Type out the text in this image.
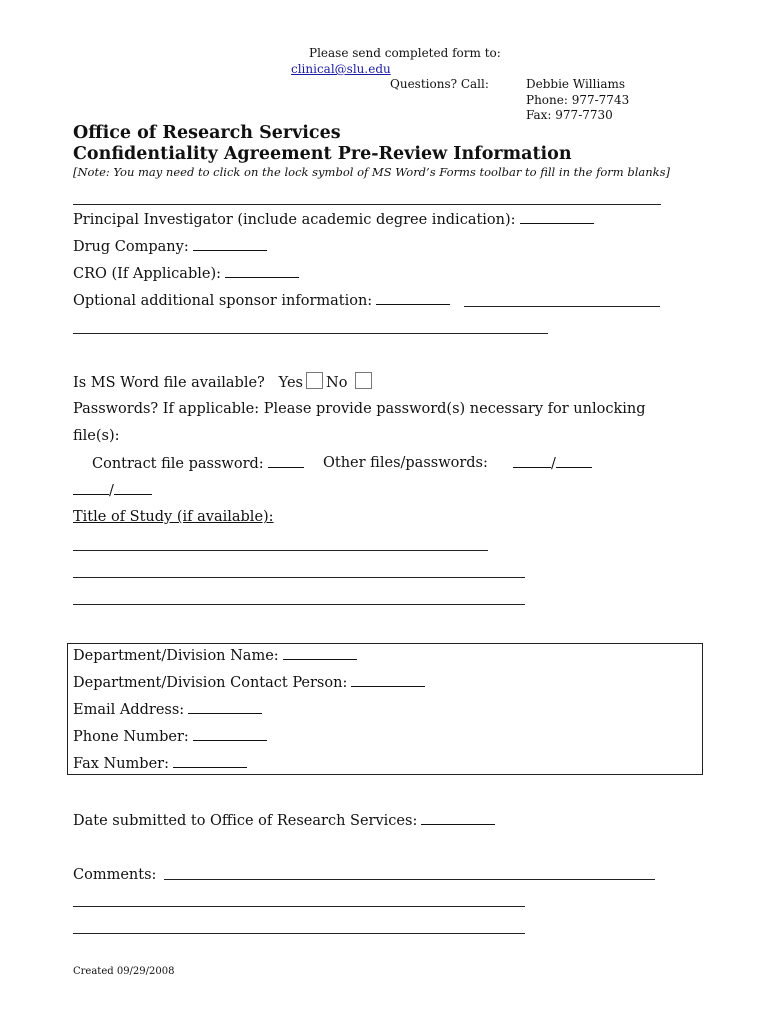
Please send completed form to:
clinical@slu.edu
Questions? Call:	Debbie Williams
Phone: 977-7743
Fax: 977-7730
Office of Research Services
Confidentiality Agreement Pre-Review Information
[Note: You may need to click on the lock symbol of MS Word’s Forms toolbar to fill in the form blanks]
Principal Investigator (include academic degree indication):
Drug Company:
CRO (If Applicable):
Optional additional sponsor information:
Is MS Word file available? Yes No
Passwords? If applicable: Please provide password(s) necessary for unlocking
file(s):
Contract file password:	Other files/passwords:	/
/
Title of Study (if available):
Department/Division Name:
Department/Division Contact Person:
Email Address:
Phone Number:
Fax Number:
Date submitted to Office of Research Services:
Comments:
Created 09/29/2008
